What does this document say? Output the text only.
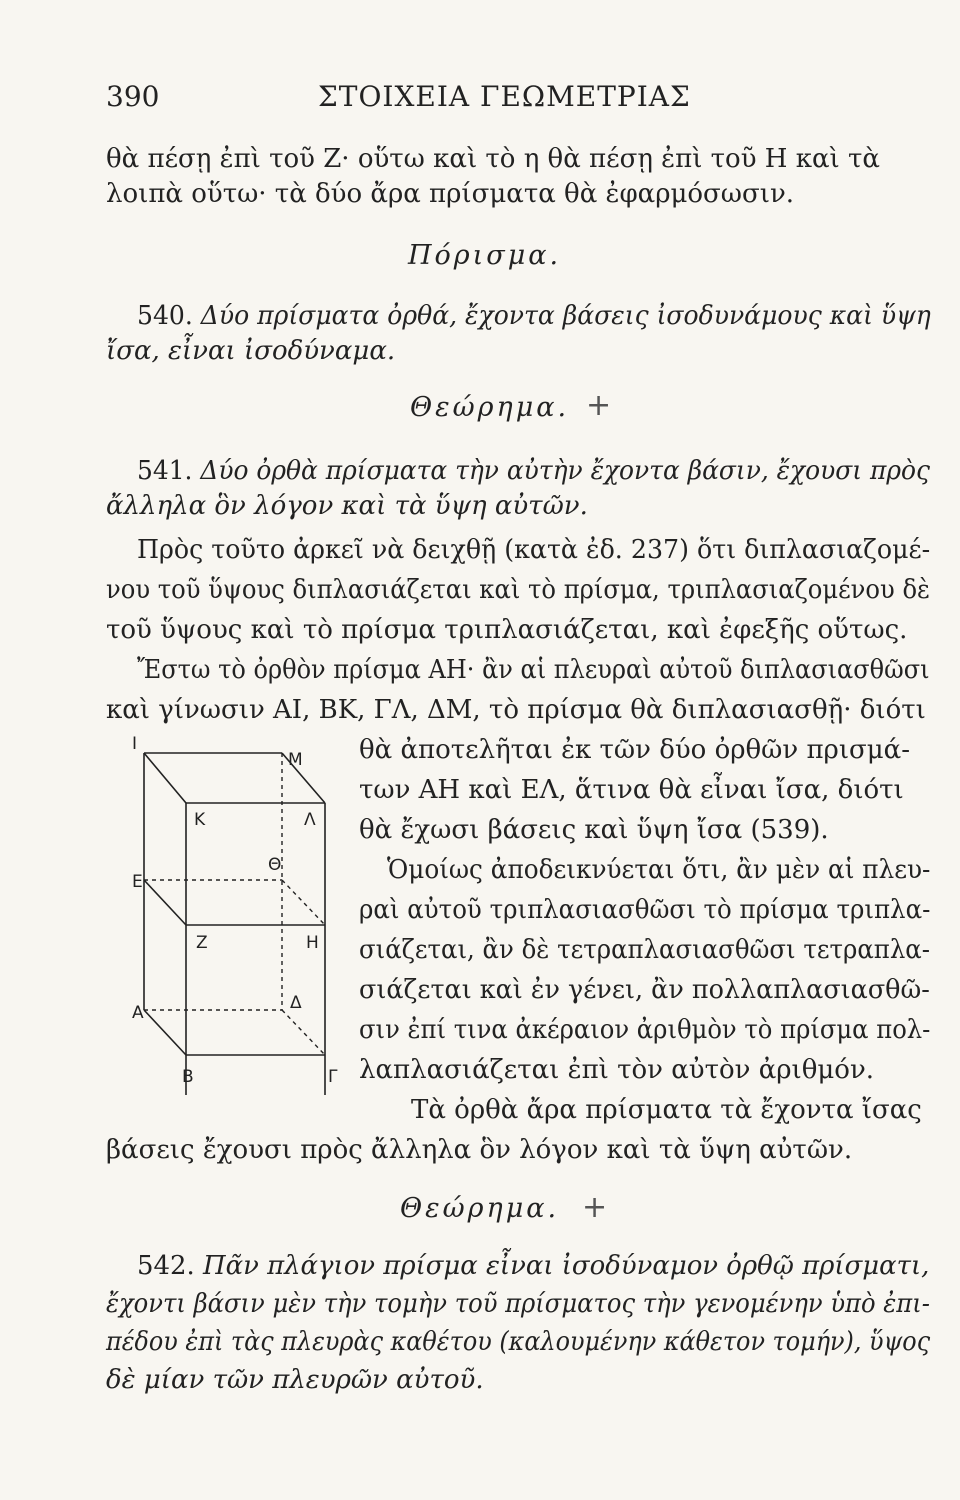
390	ΣΤΟΙΧΕΙΑ ΓΕΩΜΕΤΡΙΑΣ
θὰ πέσῃ ἐπὶ τοῦ Ζ· οὕτω καὶ τὸ η θὰ πέσῃ ἐπὶ τοῦ Η καὶ τὰ
λοιπὰ οὕτω· τὰ δύο ἄρα πρίσματα θὰ ἐφαρμόσωσιν.
Πόρισμα.
540. Δύο πρίσματα ὀρθά, ἔχοντα βάσεις ἰσοδυνάμους καὶ ὕψη
ἴσα, εἶναι ἰσοδύναμα.
Θεώρημα. +
541. Δύο ὀρθὰ πρίσματα τὴν αὐτὴν ἔχοντα βάσιν, ἔχουσι πρὸς
ἄλληλα ὃν λόγον καὶ τὰ ὕψη αὐτῶν.
Πρὸς τοῦτο ἀρκεῖ νὰ δειχθῇ (κατὰ ἐδ. 237) ὅτι διπλασιαζομέ-
νου τοῦ ὕψους διπλασιάζεται καὶ τὸ πρίσμα, τριπλασιαζομένου δὲ
τοῦ ὕψους καὶ τὸ πρίσμα τριπλασιάζεται, καὶ ἐφεξῆς οὕτως.
Ἔστω τὸ ὀρθὸν πρίσμα ΑΗ· ἂν αἱ πλευραὶ αὐτοῦ διπλασιασθῶσι
καὶ γίνωσιν ΑΙ, ΒΚ, ΓΛ, ΔΜ, τὸ πρίσμα θὰ διπλασιασθῇ· διότι
Ι
Μ
Κ	Λ
Ε
Θ
Ζ	Η
Α	Δ
Β	Γ
θὰ ἀποτελῆται ἐκ τῶν δύο ὀρθῶν πρισμά-
των ΑΗ καὶ ΕΛ, ἅτινα θὰ εἶναι ἴσα, διότι
θὰ ἔχωσι βάσεις καὶ ὕψη ἴσα (539).
Ὁμοίως ἀποδεικνύεται ὅτι, ἂν μὲν αἱ πλευ-
ραὶ αὐτοῦ τριπλασιασθῶσι τὸ πρίσμα τριπλα-
σιάζεται, ἂν δὲ τετραπλασιασθῶσι τετραπλα-
σιάζεται καὶ ἐν γένει, ἂν πολλαπλασιασθῶ-
σιν ἐπί τινα ἀκέραιον ἀριθμὸν τὸ πρίσμα πολ-
λαπλασιάζεται ἐπὶ τὸν αὐτὸν ἀριθμόν.
Τὰ ὀρθὰ ἄρα πρίσματα τὰ ἔχοντα ἴσας
βάσεις ἔχουσι πρὸς ἄλληλα ὃν λόγον καὶ τὰ ὕψη αὐτῶν.
Θεώρημα. +
542. Πᾶν πλάγιον πρίσμα εἶναι ἰσοδύναμον ὀρθῷ πρίσματι,
ἔχοντι βάσιν μὲν τὴν τομὴν τοῦ πρίσματος τὴν γενομένην ὑπὸ ἐπι-
πέδου ἐπὶ τὰς πλευρὰς καθέτου (καλουμένην κάθετον τομήν), ὕψος
δὲ μίαν τῶν πλευρῶν αὐτοῦ.
